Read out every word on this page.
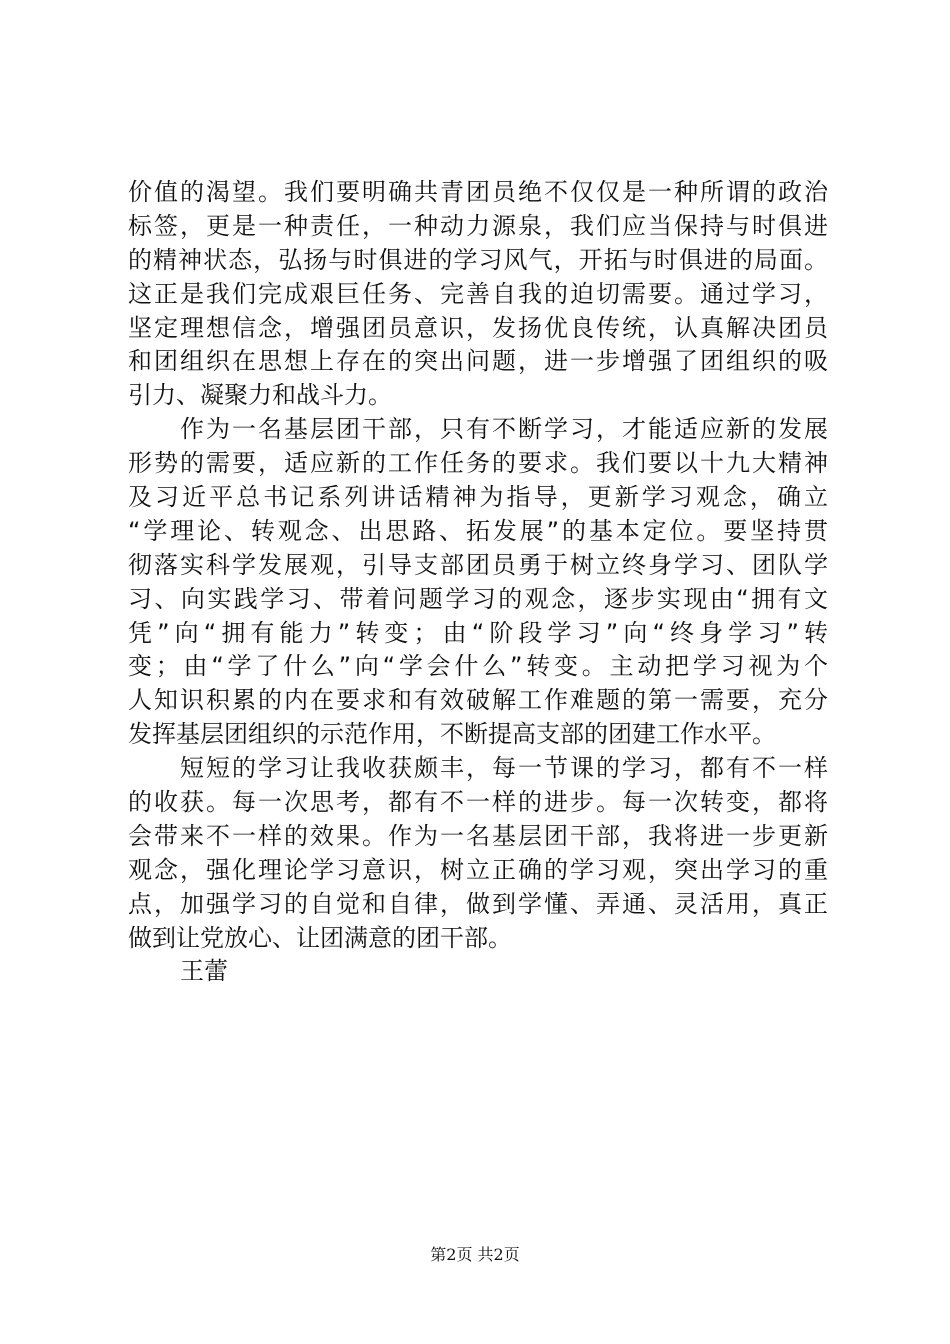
价值的渴望。我们要明确共青团员绝不仅仅是一种所谓的政治
标签，更是一种责任，一种动力源泉，我们应当保持与时俱进
的精神状态，弘扬与时俱进的学习风气，开拓与时俱进的局面。
这正是我们完成艰巨任务、完善自我的迫切需要。通过学习，
坚定理想信念，增强团员意识，发扬优良传统，认真解决团员
和团组织在思想上存在的突出问题，进一步增强了团组织的吸
引力、凝聚力和战斗力。
作为一名基层团干部，只有不断学习，才能适应新的发展
形势的需要，适应新的工作任务的要求。我们要以十九大精神
及习近平总书记系列讲话精神为指导，更新学习观念，确立
“学理论、转观念、出思路、拓发展”的基本定位。要坚持贯
彻落实科学发展观，引导支部团员勇于树立终身学习、团队学
习、向实践学习、带着问题学习的观念，逐步实现由“拥有文
凭”向“拥有能力”转变；由“阶段学习”向“终身学习”转
变；由“学了什么”向“学会什么”转变。主动把学习视为个
人知识积累的内在要求和有效破解工作难题的第一需要，充分
发挥基层团组织的示范作用，不断提高支部的团建工作水平。
短短的学习让我收获颇丰，每一节课的学习，都有不一样
的收获。每一次思考，都有不一样的进步。每一次转变，都将
会带来不一样的效果。作为一名基层团干部，我将进一步更新
观念，强化理论学习意识，树立正确的学习观，突出学习的重
点，加强学习的自觉和自律，做到学懂、弄通、灵活用，真正
做到让党放心、让团满意的团干部。
王蕾
第2页 共2页
